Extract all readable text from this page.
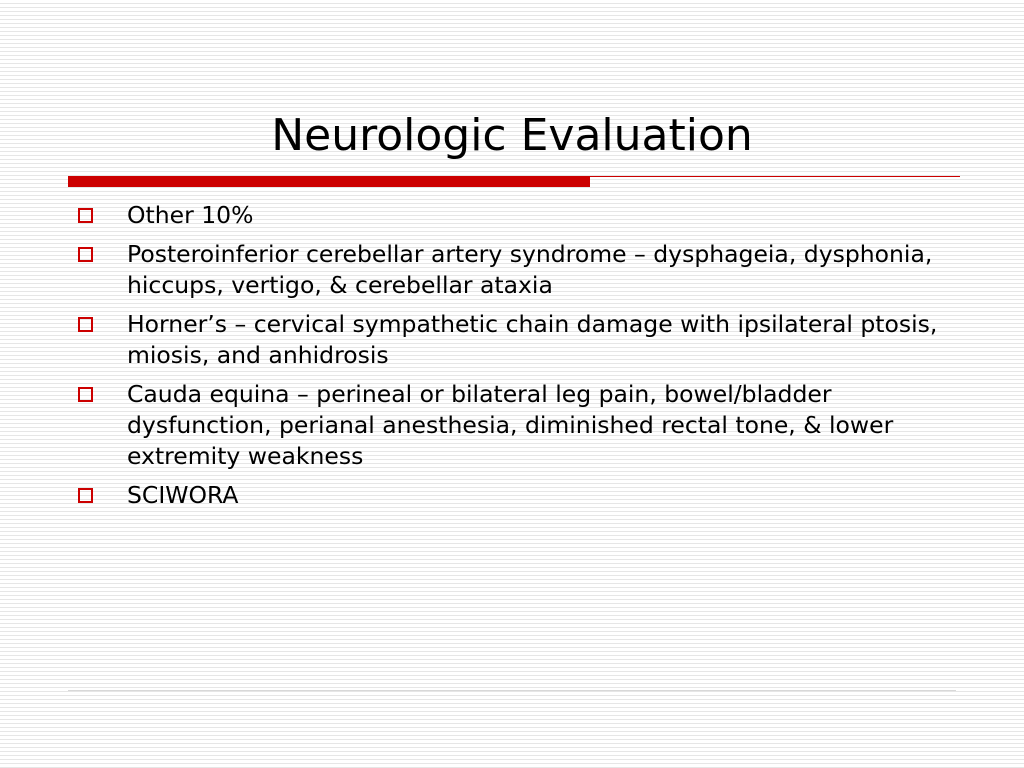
Neurologic Evaluation
Other 10%
Posteroinferior cerebellar artery syndrome – dysphageia, dysphonia, hiccups, vertigo, & cerebellar ataxia
Horner’s – cervical sympathetic chain damage with ipsilateral ptosis, miosis, and anhidrosis
Cauda equina – perineal or bilateral leg pain, bowel/bladder dysfunction, perianal anesthesia, diminished rectal tone, & lower extremity weakness
SCIWORA
